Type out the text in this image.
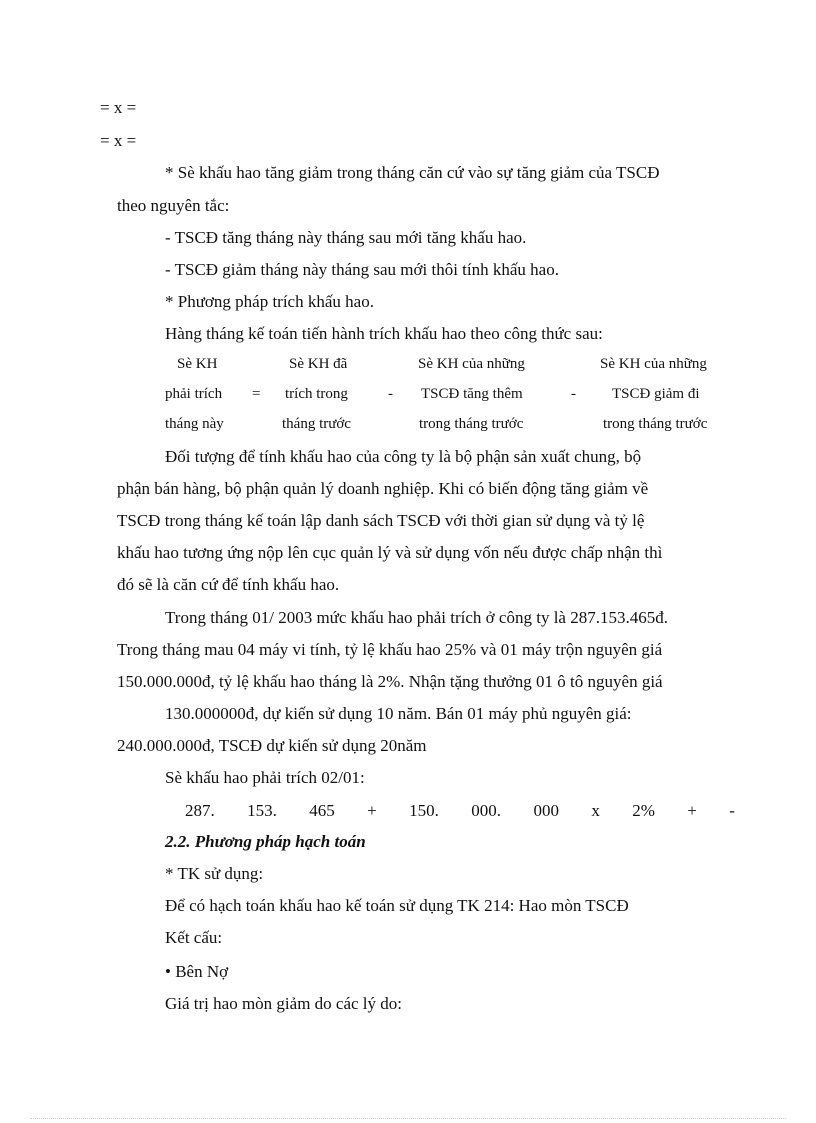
= x =
= x =
* Sè khấu hao tăng giảm trong tháng căn cứ vào sự tăng giảm của TSCĐ
theo nguyên tắc:
- TSCĐ tăng tháng này tháng sau mới tăng khấu hao.
- TSCĐ giảm tháng này tháng sau mới thôi tính khấu hao.
* Phương pháp trích khấu hao.
Hàng tháng kế toán tiến hành trích khấu hao theo công thức sau:
Sè KH
phải trích
tháng này
=
Sè KH đã
trích trong
tháng trước
-
Sè KH của những
TSCĐ tăng thêm
trong tháng trước
-
Sè KH của những
TSCĐ giảm đi
trong tháng trước
Đối tượng để tính khấu hao của công ty là bộ phận sản xuất chung, bộ
phận bán hàng, bộ phận quản lý doanh nghiệp. Khi có biến động tăng giảm về
TSCĐ trong tháng kế toán lập danh sách TSCĐ với thời gian sử dụng và tỷ lệ
khấu hao tương ứng nộp lên cục quản lý và sử dụng vốn nếu được chấp nhận thì
đó sẽ là căn cứ để tính khấu hao.
Trong tháng 01/ 2003 mức khấu hao phải trích ở công ty là 287.153.465đ.
Trong tháng mau 04 máy vi tính, tỷ lệ khấu hao 25% và 01 máy trộn nguyên giá
150.000.000đ, tỷ lệ khấu hao tháng là 2%. Nhận tặng thưởng 01 ô tô nguyên giá
130.000000đ, dự kiến sử dụng 10 năm. Bán 01 máy phủ nguyên giá:
240.000.000đ, TSCĐ dự kiến sử dụng 20năm
Sè khấu hao phải trích 02/01:
287. 153. 465 + 150. 000. 000 x 2% + -
2.2. Phương pháp hạch toán
* TK sử dụng:
Để có hạch toán khấu hao kế toán sử dụng TK 214: Hao mòn TSCĐ
Kết cấu:
• Bên Nợ
Giá trị hao mòn giảm do các lý do:
